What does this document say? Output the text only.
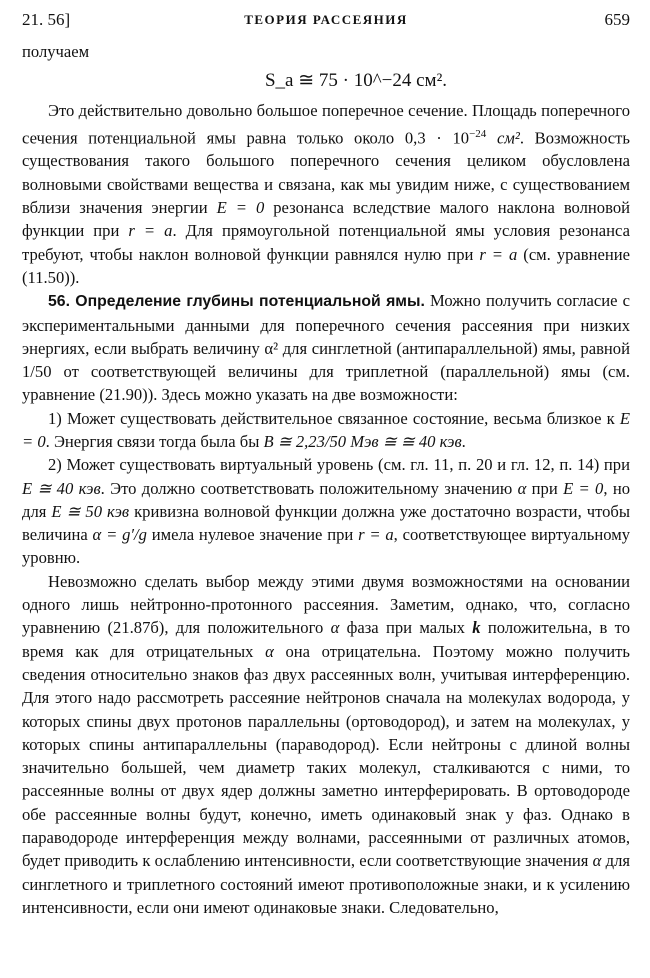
21. 56]	ТЕОРИЯ РАССЕЯНИЯ	659

получаем

S_a ≅ 75 · 10^−24 см².

Это действительно довольно большое поперечное сечение. Площадь поперечного сечения потенциальной ямы равна только около $0,3 \cdot 10^{-24}$ см². Возможность существования такого большого поперечного сечения целиком обусловлена волновыми свойствами вещества и связана, как мы увидим ниже, с существованием вблизи значения энергии E = 0 резонанса вследствие малого наклона волновой функции при r = a. Для прямоугольной потенциальной ямы условия резонанса требуют, чтобы наклон волновой функции равнялся нулю при r = a (см. уравнение (11.50)).

56. Определение глубины потенциальной ямы. Можно получить согласие с экспериментальными данными для поперечного сечения рассеяния при низких энергиях, если выбрать величину α² для синглетной (антипараллельной) ямы, равной 1/50 от соответствующей величины для триплетной (параллельной) ямы (см. уравнение (21.90)). Здесь можно указать на две возможности:

1) Может существовать действительное связанное состояние, весьма близкое к E = 0. Энергия связи тогда была бы B ≅ 2,23/50 Мэв ≅ ≅ 40 кэв.

2) Может существовать виртуальный уровень (см. гл. 11, п. 20 и гл. 12, п. 14) при E ≅ 40 кэв. Это должно соответствовать положительному значению α при E = 0, но для E ≅ 50 кэв кривизна волновой функции должна уже достаточно возрасти, чтобы величина α = g′/g имела нулевое значение при r = a, соответствующее виртуальному уровню.

Невозможно сделать выбор между этими двумя возможностями на основании одного лишь нейтронно-протонного рассеяния. Заметим, однако, что, согласно уравнению (21.87б), для положительного α фаза при малых k положительна, в то время как для отрицательных α она отрицательна. Поэтому можно получить сведения относительно знаков фаз двух рассеянных волн, учитывая интерференцию. Для этого надо рассмотреть рассеяние нейтронов сначала на молекулах водорода, у которых спины двух протонов параллельны (ортоводород), и затем на молекулах, у которых спины антипараллельны (параводород). Если нейтроны с длиной волны значительно большей, чем диаметр таких молекул, сталкиваются с ними, то рассеянные волны от двух ядер должны заметно интерферировать. В ортоводороде обе рассеянные волны будут, конечно, иметь одинаковый знак у фаз. Однако в параводороде интерференция между волнами, рассеянными от различных атомов, будет приводить к ослаблению интенсивности, если соответствующие значения α для синглетного и триплетного состояний имеют противоположные знаки, и к усилению интенсивности, если они имеют одинаковые знаки. Следовательно,
